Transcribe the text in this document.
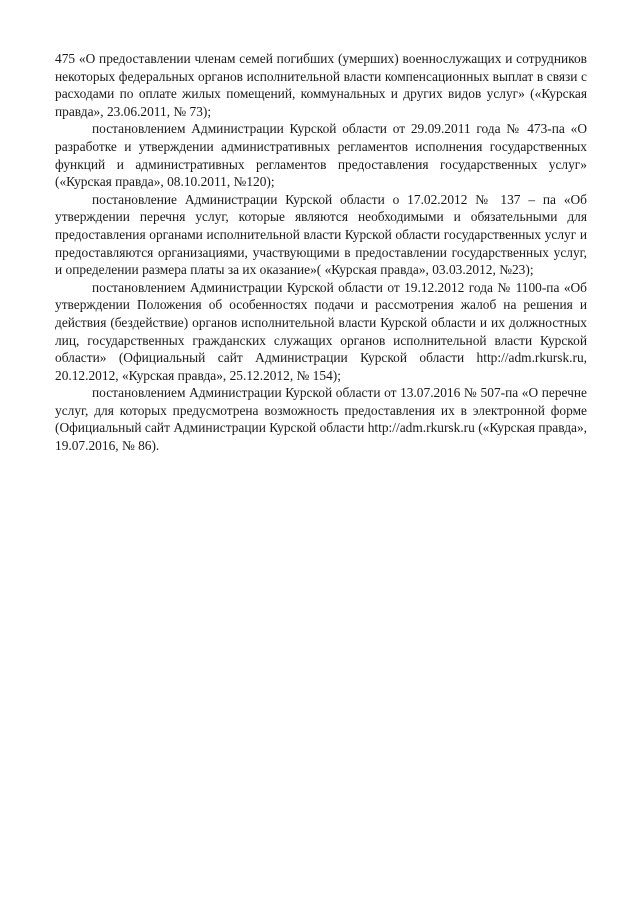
475 «О предоставлении членам семей погибших (умерших) военнослужащих и сотрудников некоторых федеральных органов исполнительной власти компенсационных выплат в связи с расходами по оплате жилых помещений, коммунальных и других видов услуг» («Курская правда», 23.06.2011, № 73);

постановлением Администрации Курской области от 29.09.2011 года № 473-па «О разработке и утверждении административных регламентов исполнения государственных функций и административных регламентов предоставления государственных услуг» («Курская правда», 08.10.2011, №120);

постановление Администрации Курской области о 17.02.2012 № 137 – па «Об утверждении перечня услуг, которые являются необходимыми и обязательными для предоставления органами исполнительной власти Курской области государственных услуг и предоставляются организациями, участвующими в предоставлении государственных услуг, и определении размера платы за их оказание»( «Курская правда», 03.03.2012, №23);

постановлением Администрации Курской области от 19.12.2012 года № 1100-па «Об утверждении Положения об особенностях подачи и рассмотрения жалоб на решения и действия (бездействие) органов исполнительной власти Курской области и их должностных лиц, государственных гражданских служащих органов исполнительной власти Курской области» (Официальный сайт Администрации Курской области http://adm.rkursk.ru, 20.12.2012, «Курская правда», 25.12.2012, № 154);

постановлением Администрации Курской области от 13.07.2016 № 507-па «О перечне услуг, для которых предусмотрена возможность предоставления их в электронной форме (Официальный сайт Администрации Курской области http://adm.rkursk.ru («Курская правда», 19.07.2016, № 86).
